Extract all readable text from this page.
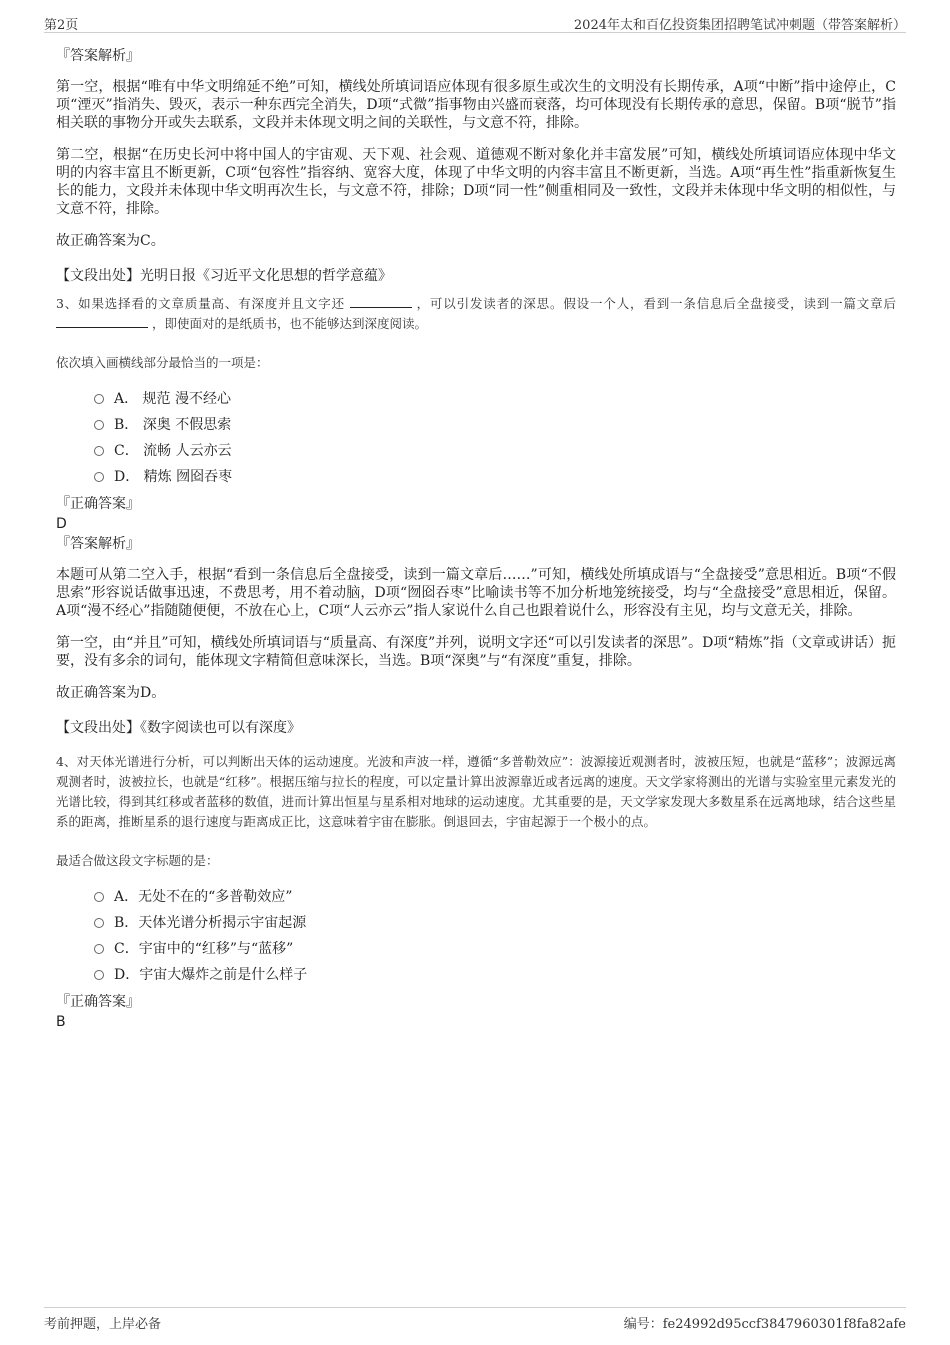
第2页	2024年太和百亿投资集团招聘笔试冲刺题（带答案解析）
『答案解析』

第一空，根据“唯有中华文明绵延不绝”可知，横线处所填词语应体现有很多原生或次生的文明没有长期传承，A项“中断”指中途停止，C项“湮灭”指消失、毁灭，表示一种东西完全消失，D项“式微”指事物由兴盛而衰落，均可体现没有长期传承的意思，保留。B项“脱节”指相关联的事物分开或失去联系，文段并未体现文明之间的关联性，与文意不符，排除。

第二空，根据“在历史长河中将中国人的宇宙观、天下观、社会观、道德观不断对象化并丰富发展”可知，横线处所填词语应体现中华文明的内容丰富且不断更新，C项“包容性”指容纳、宽容大度，体现了中华文明的内容丰富且不断更新，当选。A项“再生性”指重新恢复生长的能力，文段并未体现中华文明再次生长，与文意不符，排除；D项“同一性”侧重相同及一致性，文段并未体现中华文明的相似性，与文意不符，排除。

故正确答案为C。

【文段出处】光明日报《习近平文化思想的哲学意蕴》
3、如果选择看的文章质量高、有深度并且文字还	，可以引发读者的深思。假设一个人，看到一条信息后全盘接受，读到一篇文章后  ，即使面对的是纸质书，也不能够达到深度阅读。
依次填入画横线部分最恰当的一项是：
A． 规范 漫不经心
B． 深奥 不假思索
C． 流畅 人云亦云
D． 精炼 囫囵吞枣
『正确答案』
D
『答案解析』

本题可从第二空入手，根据“看到一条信息后全盘接受，读到一篇文章后……”可知，横线处所填成语与“全盘接受”意思相近。B项“不假思索”形容说话做事迅速，不费思考，用不着动脑，D项“囫囵吞枣”比喻读书等不加分析地笼统接受，均与“全盘接受”意思相近，保留。A项“漫不经心”指随随便便，不放在心上，C项“人云亦云”指人家说什么自己也跟着说什么，形容没有主见，均与文意无关，排除。

第一空，由“并且”可知，横线处所填词语与“质量高、有深度”并列，说明文字还“可以引发读者的深思”。D项“精炼”指（文章或讲话）扼要，没有多余的词句，能体现文字精简但意味深长，当选。B项“深奥”与“有深度”重复，排除。

故正确答案为D。

【文段出处】《数字阅读也可以有深度》
4、对天体光谱进行分析，可以判断出天体的运动速度。光波和声波一样，遵循“多普勒效应”：波源接近观测者时，波被压短，也就是“蓝移”；波源远离观测者时，波被拉长，也就是“红移”。根据压缩与拉长的程度，可以定量计算出波源靠近或者远离的速度。天文学家将测出的光谱与实验室里元素发光的光谱比较，得到其红移或者蓝移的数值，进而计算出恒星与星系相对地球的运动速度。尤其重要的是，天文学家发现大多数星系在远离地球，结合这些星系的距离，推断星系的退行速度与距离成正比，这意味着宇宙在膨胀。倒退回去，宇宙起源于一个极小的点。
最适合做这段文字标题的是：
A．无处不在的“多普勒效应”
B．天体光谱分析揭示宇宙起源
C．宇宙中的“红移”与“蓝移”
D．宇宙大爆炸之前是什么样子
『正确答案』
B
考前押题，上岸必备	编号：fe24992d95ccf3847960301f8fa82afe
